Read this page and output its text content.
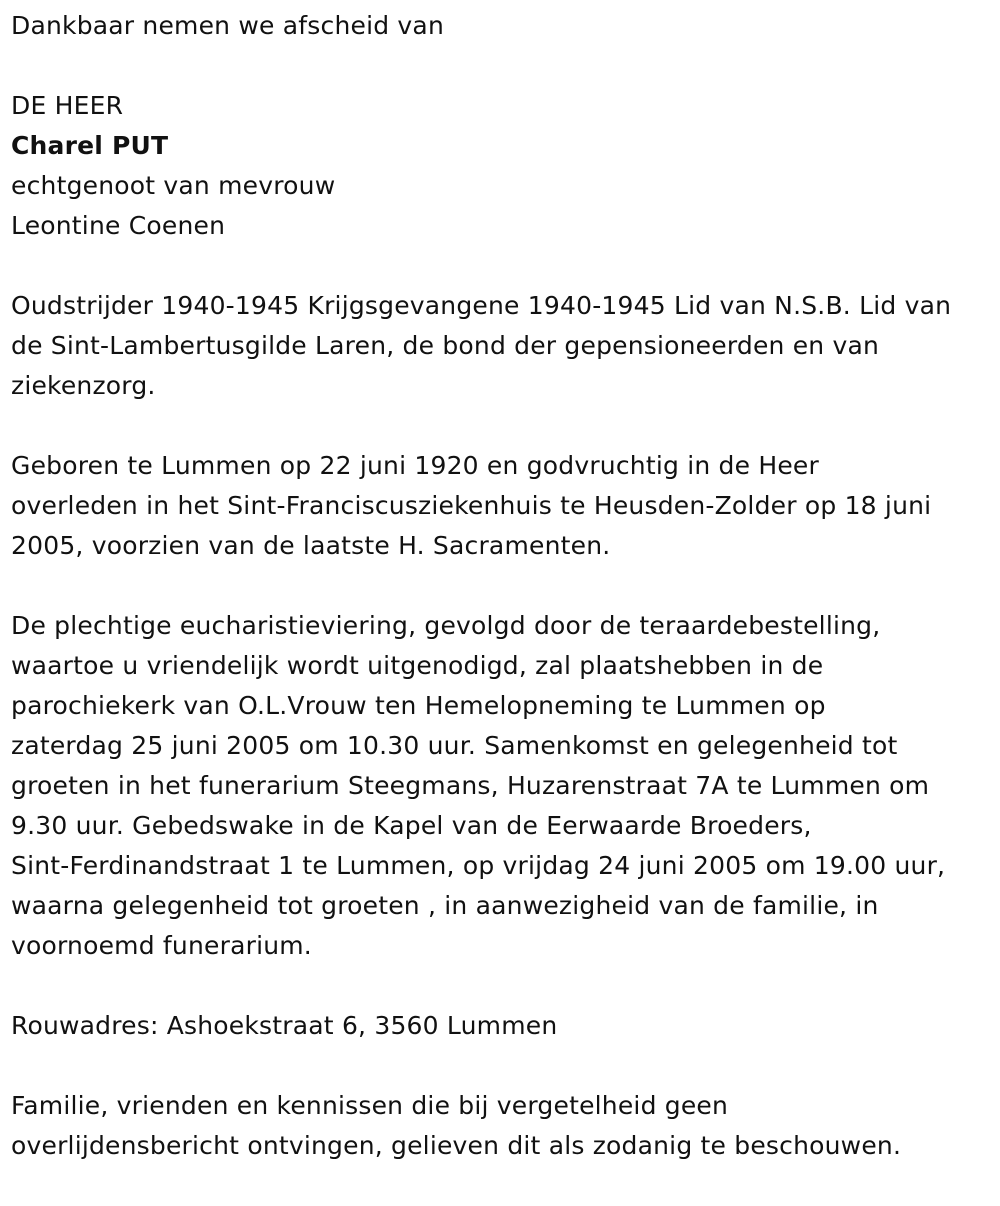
Dankbaar nemen we afscheid van

DE HEER

Charel PUT

echtgenoot van mevrouw

Leontine Coenen

Oudstrijder 1940-1945 Krijgsgevangene 1940-1945 Lid van N.S.B. Lid van

de Sint-Lambertusgilde Laren, de bond der gepensioneerden en van

ziekenzorg.

Geboren te Lummen op 22 juni 1920 en godvruchtig in de Heer

overleden in het Sint-Franciscusziekenhuis te Heusden-Zolder op 18 juni

2005, voorzien van de laatste H. Sacramenten.

De plechtige eucharistieviering, gevolgd door de teraardebestelling,

waartoe u vriendelijk wordt uitgenodigd, zal plaatshebben in de

parochiekerk van O.L.Vrouw ten Hemelopneming te Lummen op

zaterdag 25 juni 2005 om 10.30 uur. Samenkomst en gelegenheid tot

groeten in het funerarium Steegmans, Huzarenstraat 7A te Lummen om

9.30 uur. Gebedswake in de Kapel van de Eerwaarde Broeders,

Sint-Ferdinandstraat 1 te Lummen, op vrijdag 24 juni 2005 om 19.00 uur,

waarna gelegenheid tot groeten , in aanwezigheid van de familie, in

voornoemd funerarium.

Rouwadres: Ashoekstraat 6, 3560 Lummen

Familie, vrienden en kennissen die bij vergetelheid geen

overlijdensbericht ontvingen, gelieven dit als zodanig te beschouwen.
